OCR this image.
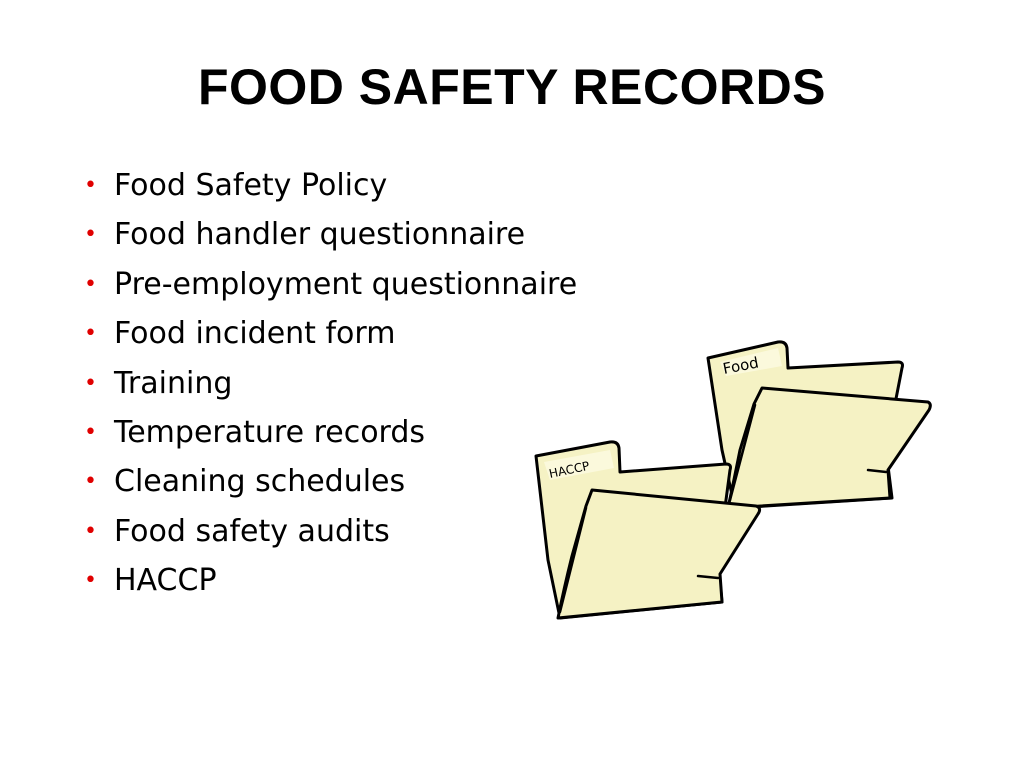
FOOD SAFETY RECORDS
• Food Safety Policy
• Food handler questionnaire
• Pre-employment questionnaire
• Food incident form
• Training
• Temperature records
• Cleaning schedules
• Food safety audits
• HACCP
Food
HACCP
